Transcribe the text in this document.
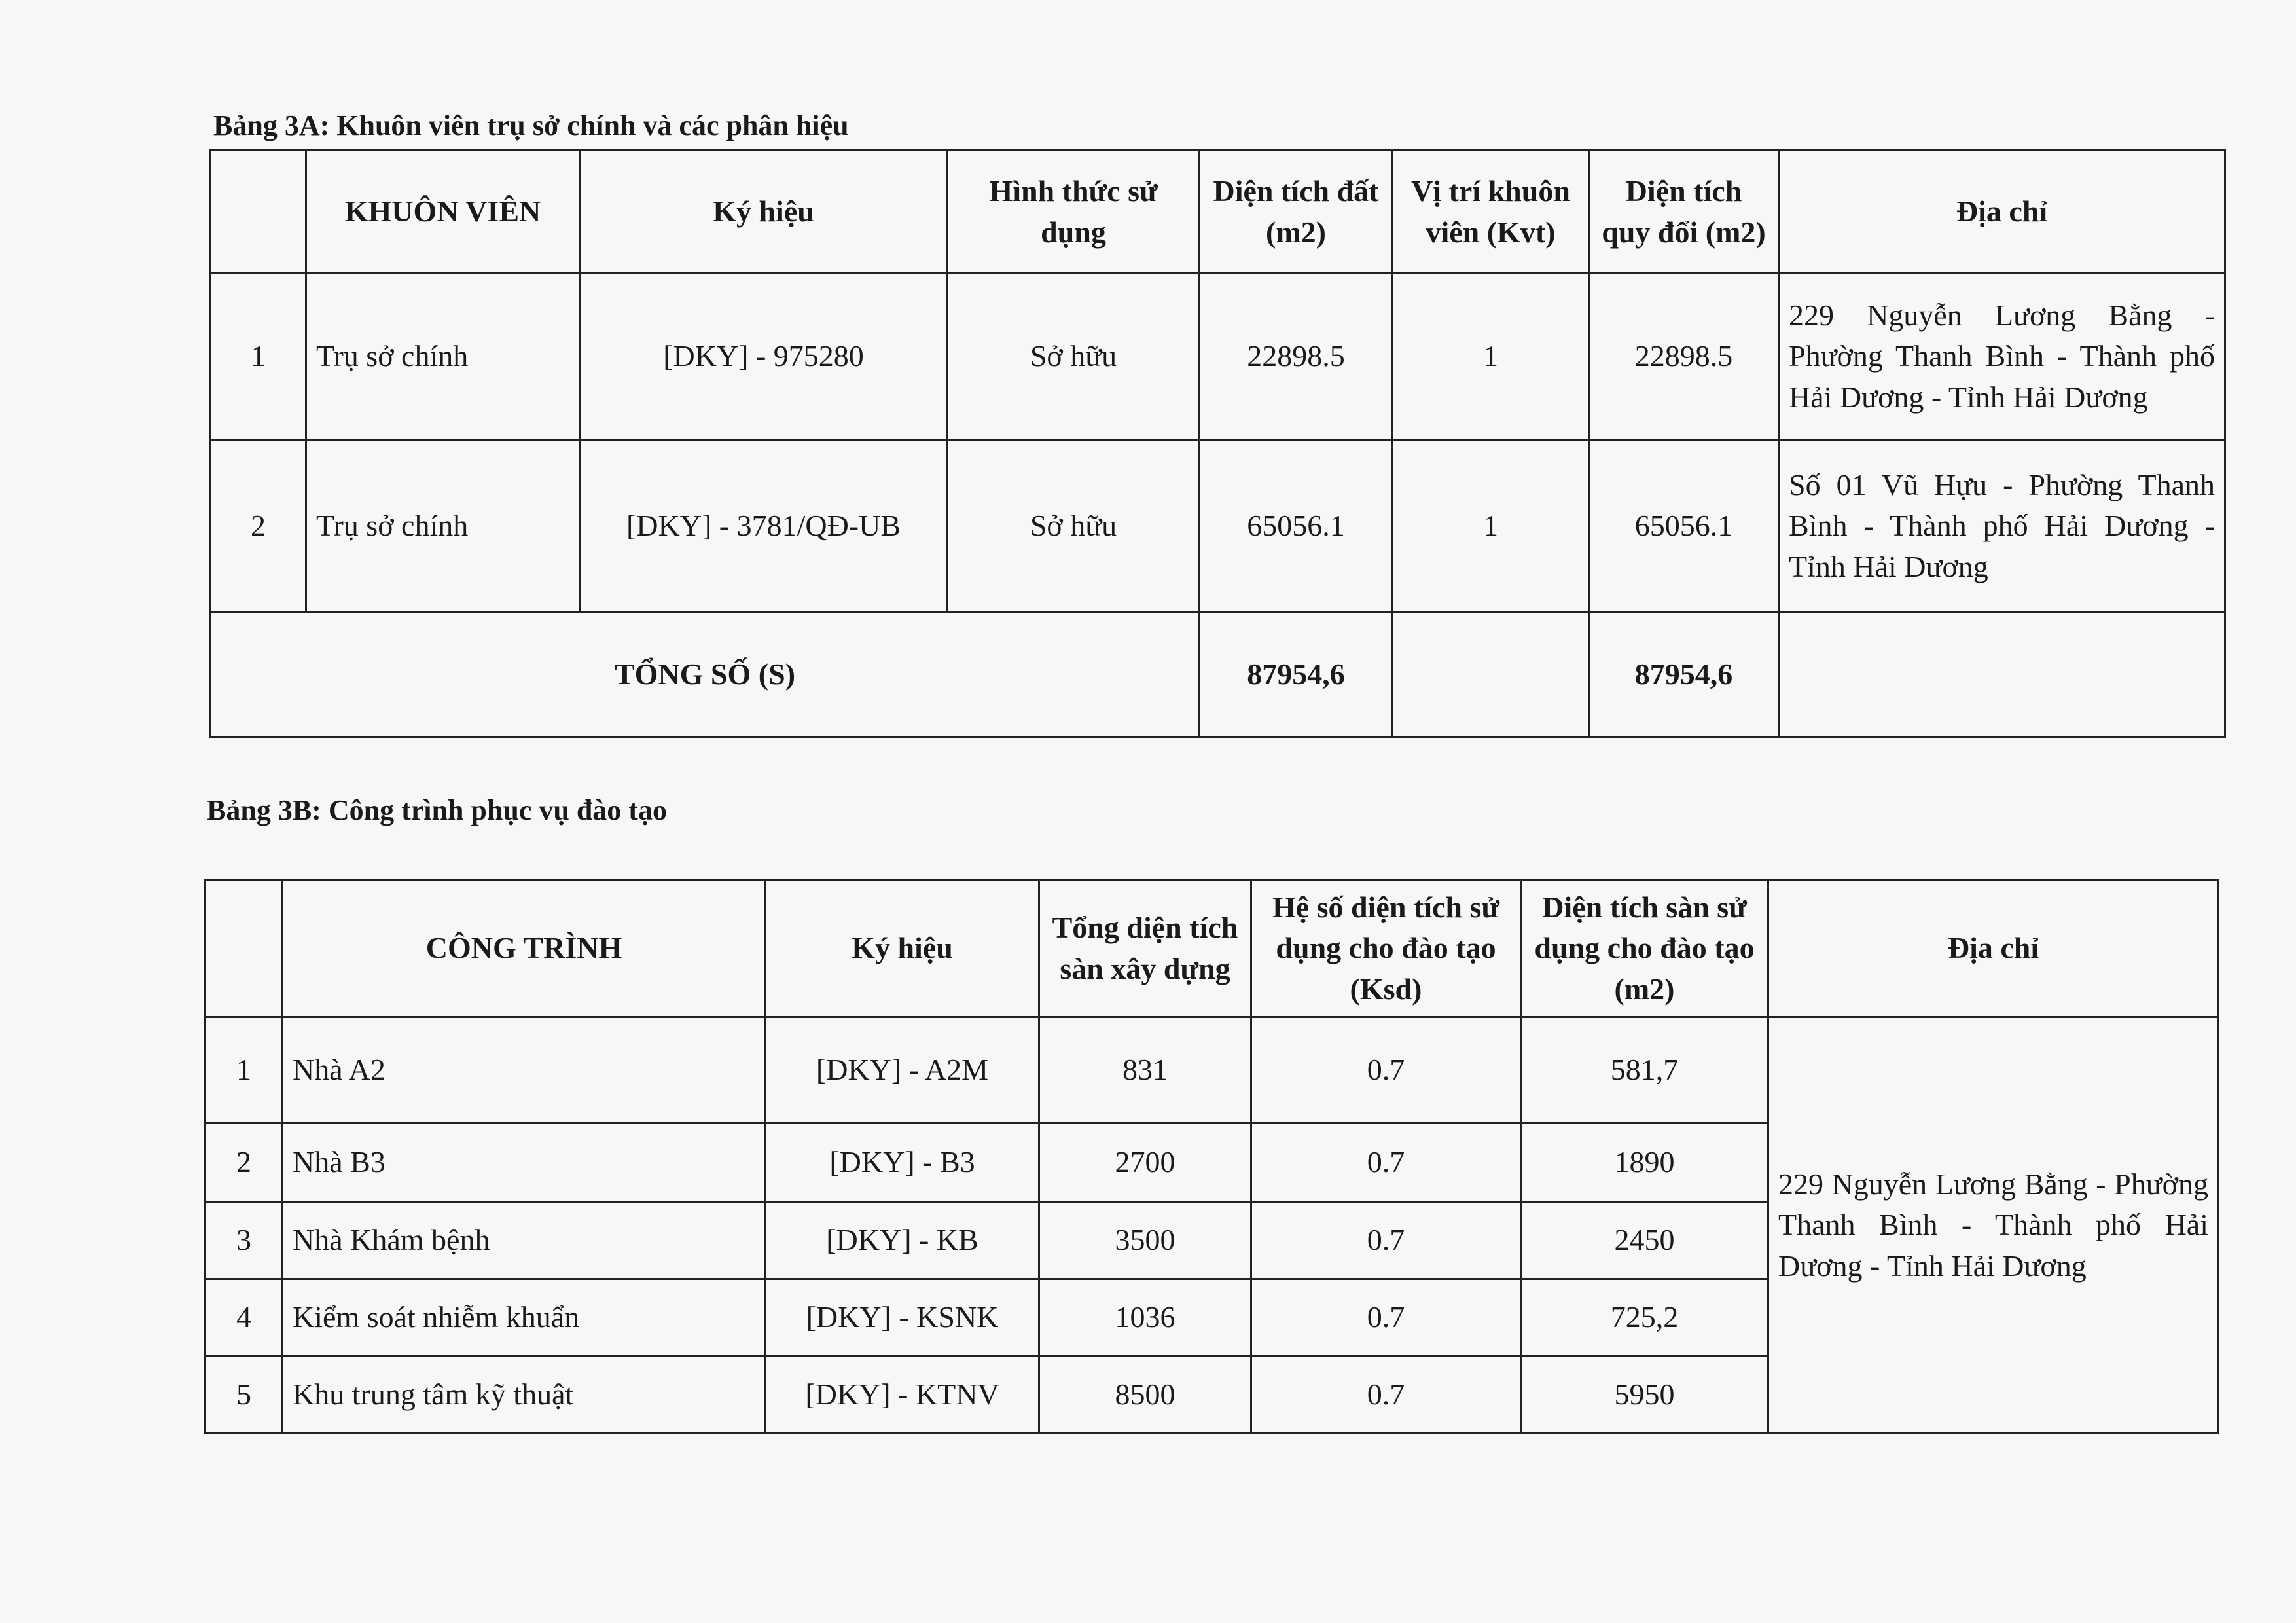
Bảng 3A: Khuôn viên trụ sở chính và các phân hiệu
	KHUÔN VIÊN	Ký hiệu	Hình thức sử dụng	Diện tích đất (m2)	Vị trí khuôn viên (Kvt)	Diện tích quy đổi (m2)	Địa chỉ
1	Trụ sở chính	[DKY] - 975280	Sở hữu	22898.5	1	22898.5	229 Nguyễn Lương Bằng - Phường Thanh Bình - Thành phố Hải Dương - Tỉnh Hải Dương
2	Trụ sở chính	[DKY] - 3781/QĐ-UB	Sở hữu	65056.1	1	65056.1	Số 01 Vũ Hựu - Phường Thanh Bình - Thành phố Hải Dương - Tỉnh Hải Dương
TỔNG SỐ (S)				87954,6		87954,6	
Bảng 3B: Công trình phục vụ đào tạo
	CÔNG TRÌNH	Ký hiệu	Tổng diện tích sàn xây dựng	Hệ số diện tích sử dụng cho đào tạo (Ksd)	Diện tích sàn sử dụng cho đào tạo (m2)	Địa chỉ
1	Nhà A2	[DKY] - A2M	831	0.7	581,7	229 Nguyễn Lương Bằng - Phường Thanh Bình - Thành phố Hải Dương - Tỉnh Hải Dương
2	Nhà B3	[DKY] - B3	2700	0.7	1890	
3	Nhà Khám bệnh	[DKY] - KB	3500	0.7	2450	
4	Kiểm soát nhiễm khuẩn	[DKY] - KSNK	1036	0.7	725,2	
5	Khu trung tâm kỹ thuật	[DKY] - KTNV	8500	0.7	5950	
